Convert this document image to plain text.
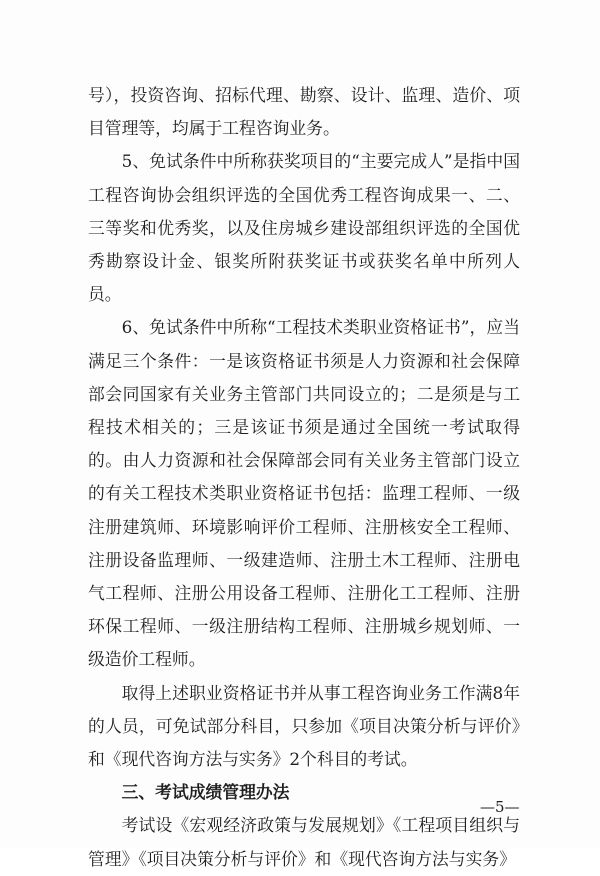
号），投资咨询、招标代理、勘察、设计、监理、造价、项目管理等，均属于工程咨询业务。

5、免试条件中所称获奖项目的“主要完成人”是指中国工程咨询协会组织评选的全国优秀工程咨询成果一、二、三等奖和优秀奖，以及住房城乡建设部组织评选的全国优秀勘察设计金、银奖所附获奖证书或获奖名单中所列人员。

6、免试条件中所称“工程技术类职业资格证书”，应当满足三个条件：一是该资格证书须是人力资源和社会保障部会同国家有关业务主管部门共同设立的；二是须是与工程技术相关的；三是该证书须是通过全国统一考试取得的。由人力资源和社会保障部会同有关业务主管部门设立的有关工程技术类职业资格证书包括：监理工程师、一级注册建筑师、环境影响评价工程师、注册核安全工程师、注册设备监理师、一级建造师、注册土木工程师、注册电气工程师、注册公用设备工程师、注册化工工程师、注册环保工程师、一级注册结构工程师、注册城乡规划师、一级造价工程师。

取得上述职业资格证书并从事工程咨询业务工作满8年的人员，可免试部分科目，只参加《项目决策分析与评价》和《现代咨询方法与实务》2个科目的考试。

三、考试成绩管理办法

考试设《宏观经济政策与发展规划》《工程项目组织与管理》《项目决策分析与评价》和《现代咨询方法与实务》

—5—
